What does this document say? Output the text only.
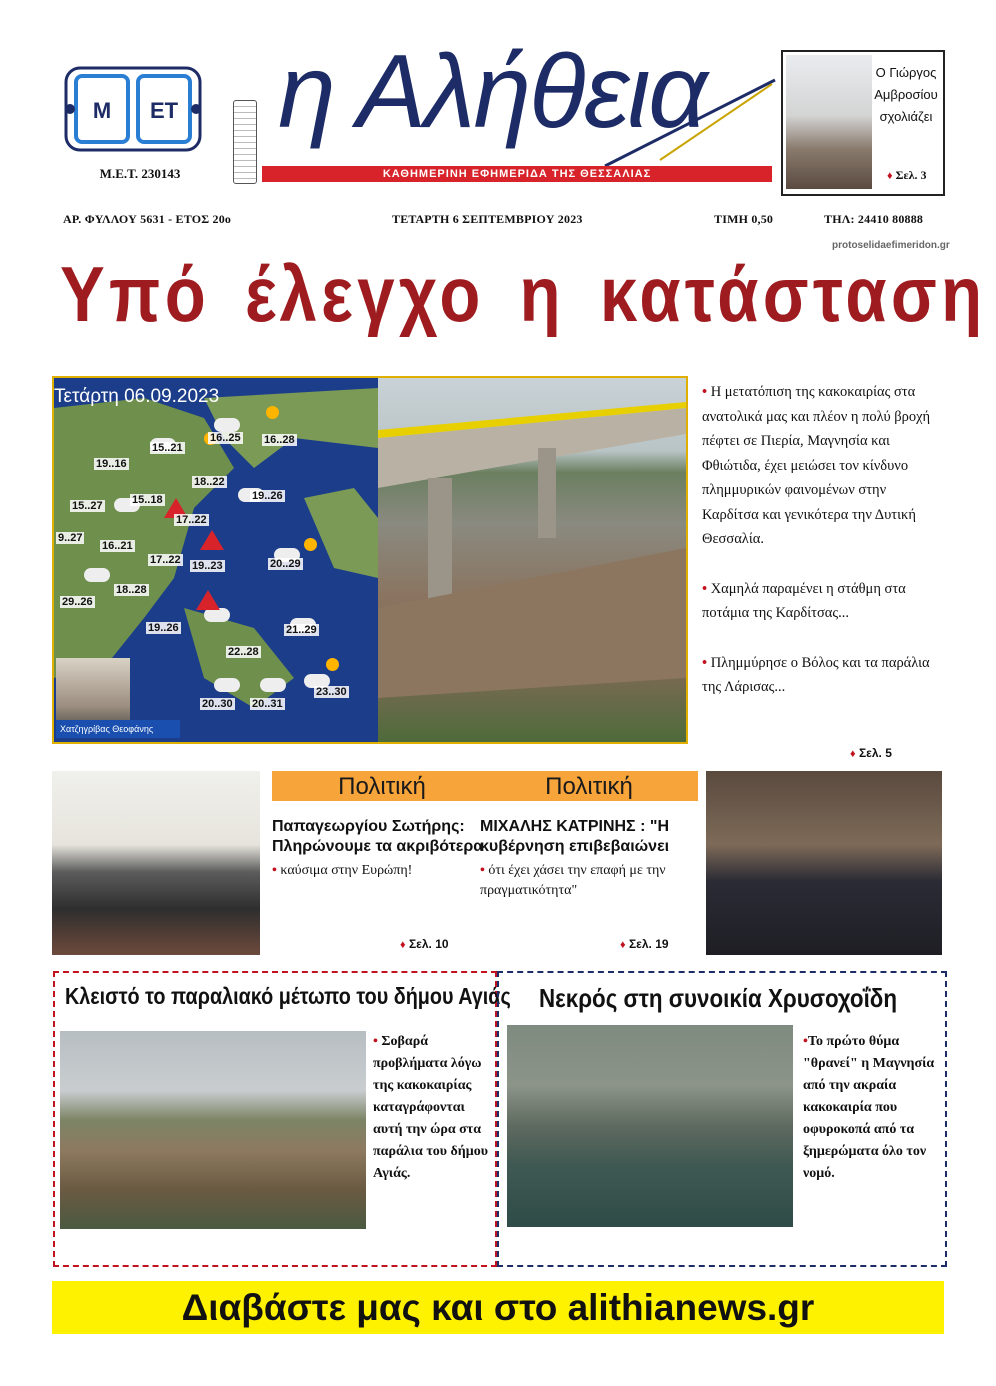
Μ ΕΤ
Μ.Ε.Τ. 230143
η Αλήθεια
ΚΑΘΗΜΕΡΙΝΗ ΕΦΗΜΕΡΙΔΑ ΤΗΣ ΘΕΣΣΑΛΙΑΣ
Ο Γιώργος
Αμβροσίου
σχολιάζει
♦ Σελ. 3
ΑΡ. ΦΥΛΛΟΥ 5631 - ΕΤΟΣ 20ο	ΤΕΤΑΡΤΗ 6 ΣΕΠΤΕΜΒΡΙΟΥ 2023	ΤΙΜΗ 0,50	ΤΗΛ: 24410 80888
protoselidaefimeridon.gr
Υπό έλεγχο η κατάσταση
Τετάρτη 06.09.2023
15..21
16..25 16..28
19..16
18..22
15..27	15..18
17..22
19..26
9..27
16..21
17..22 19..23	20..29
29..26
18..28
19..26	21..29
22..28
23..30
20..30 20..31
Χατζηγρίβας Θεοφάνης

• Η μετατόπιση της κακοκαιρίας στα ανατολικά μας και πλέον η πολύ βροχή πέφτει σε Πιερία, Μαγνησία και Φθιώτιδα, έχει μειώσει τον κίνδυνο πλημμυρικών φαινομένων στην Καρδίτσα και γενικότερα την Δυτική Θεσσαλία.

• Χαμηλά παραμένει η στάθμη στα ποτάμια της Καρδίτσας...

• Πλημμύρησε ο Βόλος και τα παράλια της Λάρισας...

♦ Σελ. 5
Πολιτική
Παπαγεωργίου Σωτήρης: Πληρώνουμε τα ακριβότερα
• καύσιμα στην Ευρώπη!
♦ Σελ. 10
Πολιτική
ΜΙΧΑΛΗΣ ΚΑΤΡΙΝΗΣ : "Η κυβέρνηση επιβεβαιώνει
• ότι έχει χάσει την επαφή με την πραγματικότητα"
♦ Σελ. 19
Κλειστό το παραλιακό μέτωπο του δήμου Αγιάς
• Σοβαρά προβλήματα λόγω της κακοκαιρίας καταγράφονται αυτή την ώρα στα παράλια του δήμου Αγιάς.
Νεκρός στη συνοικία Χρυσοχοΐδη
•Το πρώτο θύμα "θρανεί" η Μαγνησία από την ακραία κακοκαιρία που οφυροκοπά από τα ξημερώματα όλο τον νομό.
Διαβάστε μας και στο alithianews.gr
